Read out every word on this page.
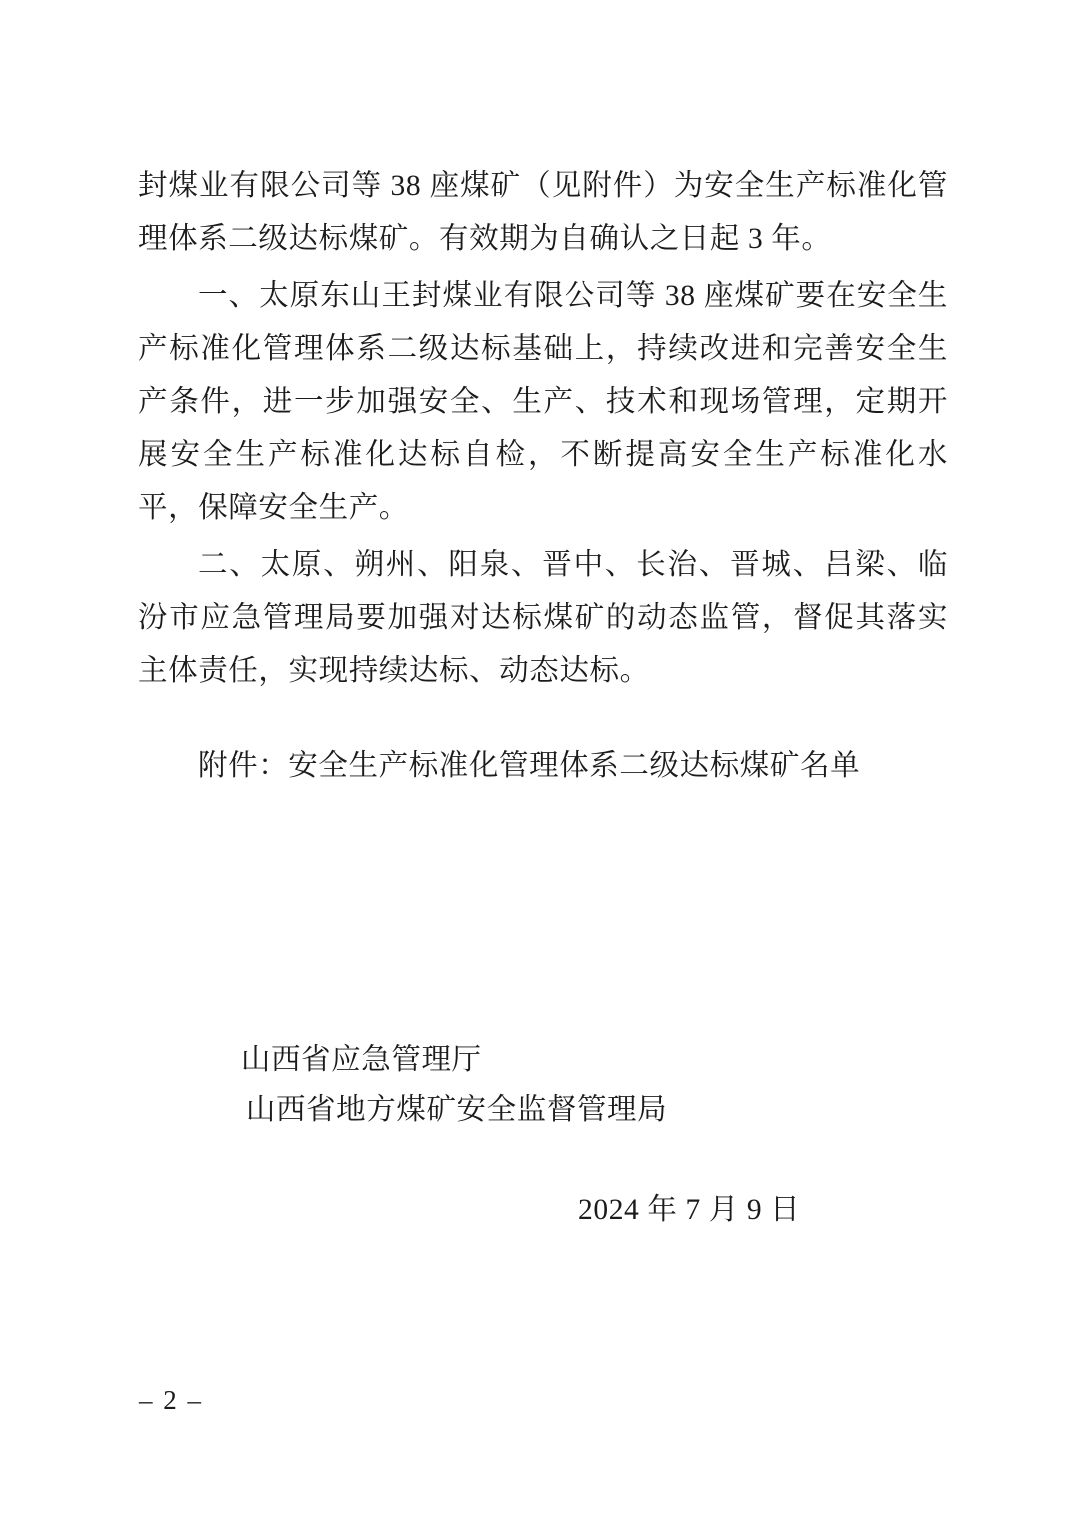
封煤业有限公司等 38 座煤矿（见附件）为安全生产标准化管理体系二级达标煤矿。有效期为自确认之日起 3 年。

一、太原东山王封煤业有限公司等 38 座煤矿要在安全生产标准化管理体系二级达标基础上，持续改进和完善安全生产条件，进一步加强安全、生产、技术和现场管理，定期开展安全生产标准化达标自检，不断提高安全生产标准化水平，保障安全生产。

二、太原、朔州、阳泉、晋中、长治、晋城、吕梁、临汾市应急管理局要加强对达标煤矿的动态监管，督促其落实主体责任，实现持续达标、动态达标。

附件：安全生产标准化管理体系二级达标煤矿名单

山西省应急管理厅
山西省地方煤矿安全监督管理局

2024 年 7 月 9 日
– 2 –
